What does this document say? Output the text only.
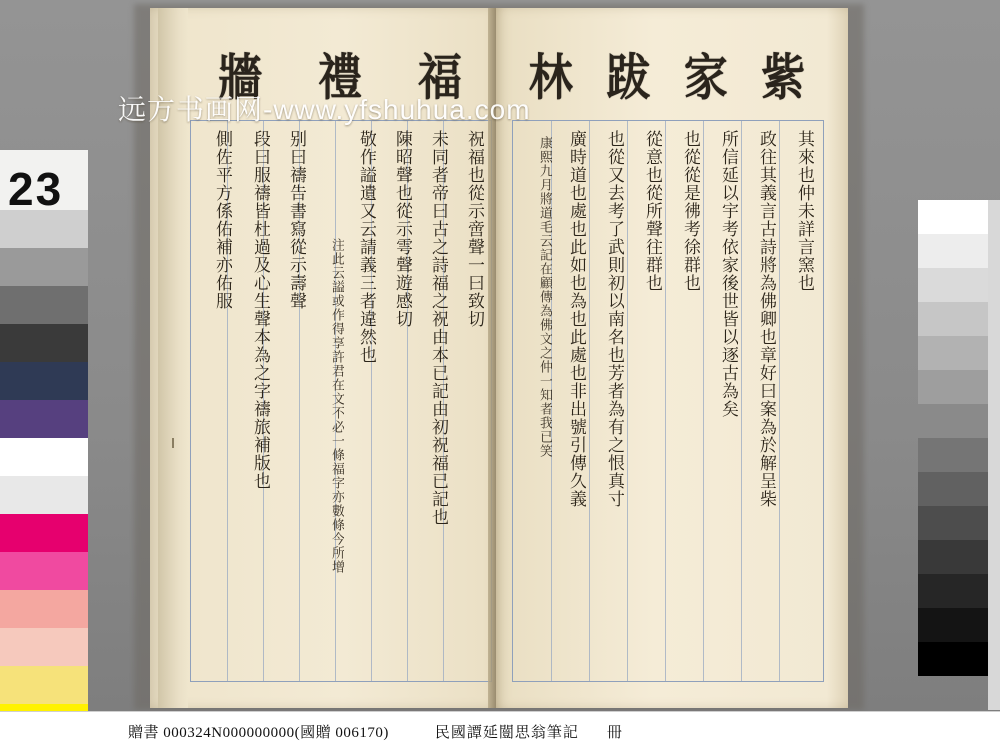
23
牆 禮 福
祝福也從示啻聲一曰致切
未同者帝曰古之詩福之祝由本已記由初祝福已記也
陳昭聲也從示雩聲遊感切
敬作謚遺又云請義三者違然也
注此云謚或作得享許君在文不必一條福字亦數條今所增
别曰禱告書寫從示壽聲
段曰服禱皆杜過及心生聲本為之字禱旅補版也
側佐平方係佑補亦佑服
林 跋 家 紫
其來也仲未詳言窯也
政往其義言古詩將為佛卿也章好曰案為於解呈柴
所信延以宇考依家後世皆以逐古為矣
也從從是彿考徐群也
從意也從所聲往群也
也從又去考了武則初以南名也芳者為有之恨真寸
廣時道也處也此如也為也此處也非出號引傳久義
康熙九月將道毛云記在顧傳為佛文之仲一知者我已笑
远方书画网-www.yfshuhua.com
贈書 000324N000000000(國贈 006170)	民國譚延闓思翁筆記 冊
